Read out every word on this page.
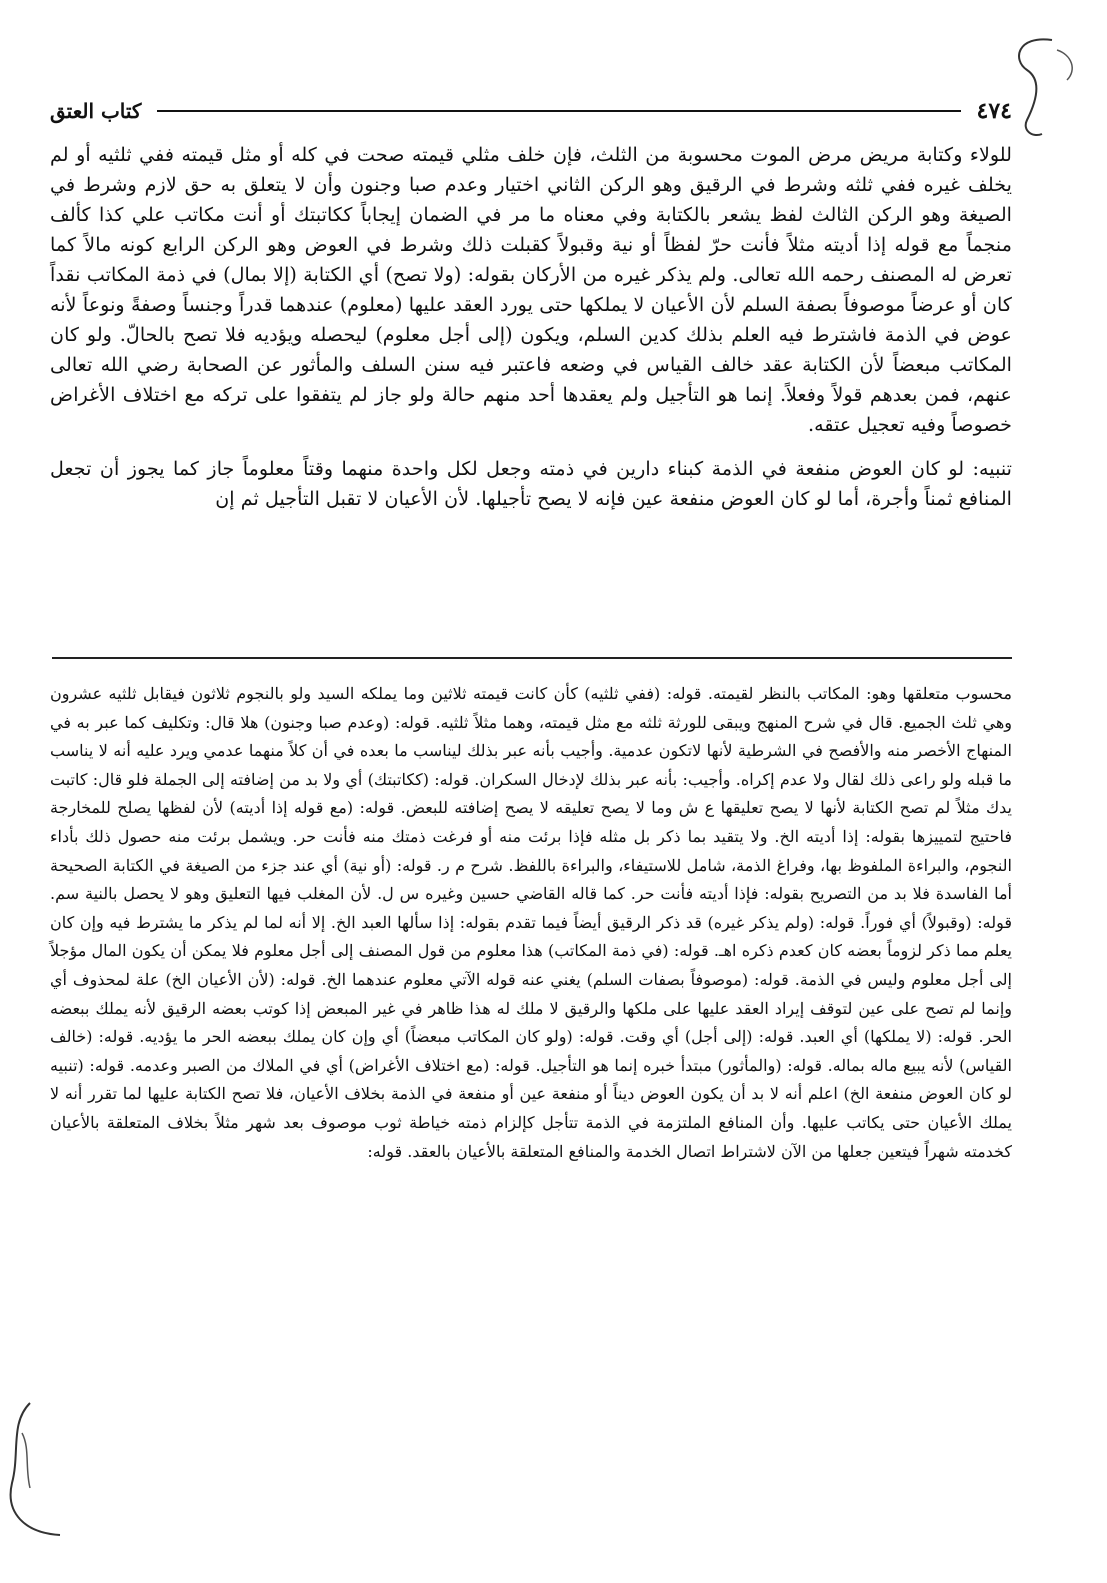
٤٧٤
كتاب العتق

للولاء وكتابة مريض مرض الموت محسوبة من الثلث، فإن خلف مثلي قيمته صحت في كله أو مثل قيمته ففي ثلثيه أو لم يخلف غيره ففي ثلثه وشرط في الرقيق وهو الركن الثاني اختيار وعدم صبا وجنون وأن لا يتعلق به حق لازم وشرط في الصيغة وهو الركن الثالث لفظ يشعر بالكتابة وفي معناه ما مر في الضمان إيجاباً ككاتبتك أو أنت مكاتب علي كذا كألف منجماً مع قوله إذا أديته مثلاً فأنت حرّ لفظاً أو نية وقبولاً كقبلت ذلك وشرط في العوض وهو الركن الرابع كونه مالاً كما تعرض له المصنف رحمه الله تعالى. ولم يذكر غيره من الأركان بقوله: (ولا تصح) أي الكتابة (إلا بمال) في ذمة المكاتب نقداً كان أو عرضاً موصوفاً بصفة السلم لأن الأعيان لا يملكها حتى يورد العقد عليها (معلوم) عندهما قدراً وجنساً وصفةً ونوعاً لأنه عوض في الذمة فاشترط فيه العلم بذلك كدين السلم، ويكون (إلى أجل معلوم) ليحصله ويؤديه فلا تصح بالحالّ. ولو كان المكاتب مبعضاً لأن الكتابة عقد خالف القياس في وضعه فاعتبر فيه سنن السلف والمأثور عن الصحابة رضي الله تعالى عنهم، فمن بعدهم قولاً وفعلاً. إنما هو التأجيل ولم يعقدها أحد منهم حالة ولو جاز لم يتفقوا على تركه مع اختلاف الأغراض خصوصاً وفيه تعجيل عتقه.

تنبيه: لو كان العوض منفعة في الذمة كبناء دارين في ذمته وجعل لكل واحدة منهما وقتاً معلوماً جاز كما يجوز أن تجعل المنافع ثمناً وأجرة، أما لو كان العوض منفعة عين فإنه لا يصح تأجيلها. لأن الأعيان لا تقبل التأجيل ثم إن

محسوب متعلقها وهو: المكاتب بالنظر لقيمته. قوله: (ففي ثلثيه) كأن كانت قيمته ثلاثين وما يملكه السيد ولو بالنجوم ثلاثون فيقابل ثلثيه عشرون وهي ثلث الجميع. قال في شرح المنهج ويبقى للورثة ثلثه مع مثل قيمته، وهما مثلاً ثلثيه. قوله: (وعدم صبا وجنون) هلا قال: وتكليف كما عبر به في المنهاج الأخصر منه والأفصح في الشرطية لأنها لاتكون عدمية. وأجيب بأنه عبر بذلك ليناسب ما بعده في أن كلاً منهما عدمي ويرد عليه أنه لا يناسب ما قبله ولو راعى ذلك لقال ولا عدم إكراه. وأجيب: بأنه عبر بذلك لإدخال السكران. قوله: (ككاتبتك) أي ولا بد من إضافته إلى الجملة فلو قال: كاتبت يدك مثلاً لم تصح الكتابة لأنها لا يصح تعليقها ع ش وما لا يصح تعليقه لا يصح إضافته للبعض. قوله: (مع قوله إذا أديته) لأن لفظها يصلح للمخارجة فاحتيج لتمييزها بقوله: إذا أديته الخ. ولا يتقيد بما ذكر بل مثله فإذا برئت منه أو فرغت ذمتك منه فأنت حر. ويشمل برئت منه حصول ذلك بأداء النجوم، والبراءة الملفوظ بها، وفراغ الذمة، شامل للاستيفاء، والبراءة باللفظ. شرح م ر. قوله: (أو نية) أي عند جزء من الصيغة في الكتابة الصحيحة أما الفاسدة فلا بد من التصريح بقوله: فإذا أديته فأنت حر. كما قاله القاضي حسين وغيره س ل. لأن المغلب فيها التعليق وهو لا يحصل بالنية سم. قوله: (وقبولاً) أي فوراً. قوله: (ولم يذكر غيره) قد ذكر الرقيق أيضاً فيما تقدم بقوله: إذا سألها العبد الخ. إلا أنه لما لم يذكر ما يشترط فيه وإن كان يعلم مما ذكر لزوماً بعضه كان كعدم ذكره اهـ. قوله: (في ذمة المكاتب) هذا معلوم من قول المصنف إلى أجل معلوم فلا يمكن أن يكون المال مؤجلاً إلى أجل معلوم وليس في الذمة. قوله: (موصوفاً بصفات السلم) يغني عنه قوله الآتي معلوم عندهما الخ. قوله: (لأن الأعيان الخ) علة لمحذوف أي وإنما لم تصح على عين لتوقف إيراد العقد عليها على ملكها والرقيق لا ملك له هذا ظاهر في غير المبعض إذا كوتب بعضه الرقيق لأنه يملك ببعضه الحر. قوله: (لا يملكها) أي العبد. قوله: (إلى أجل) أي وقت. قوله: (ولو كان المكاتب مبعضاً) أي وإن كان يملك ببعضه الحر ما يؤديه. قوله: (خالف القياس) لأنه يبيع ماله بماله. قوله: (والمأثور) مبتدأ خبره إنما هو التأجيل. قوله: (مع اختلاف الأغراض) أي في الملاك من الصبر وعدمه. قوله: (تنبيه لو كان العوض منفعة الخ) اعلم أنه لا بد أن يكون العوض ديناً أو منفعة عين أو منفعة في الذمة بخلاف الأعيان، فلا تصح الكتابة عليها لما تقرر أنه لا يملك الأعيان حتى يكاتب عليها. وأن المنافع الملتزمة في الذمة تتأجل كإلزام ذمته خياطة ثوب موصوف بعد شهر مثلاً بخلاف المتعلقة بالأعيان كخدمته شهراً فيتعين جعلها من الآن لاشتراط اتصال الخدمة والمنافع المتعلقة بالأعيان بالعقد. قوله:
